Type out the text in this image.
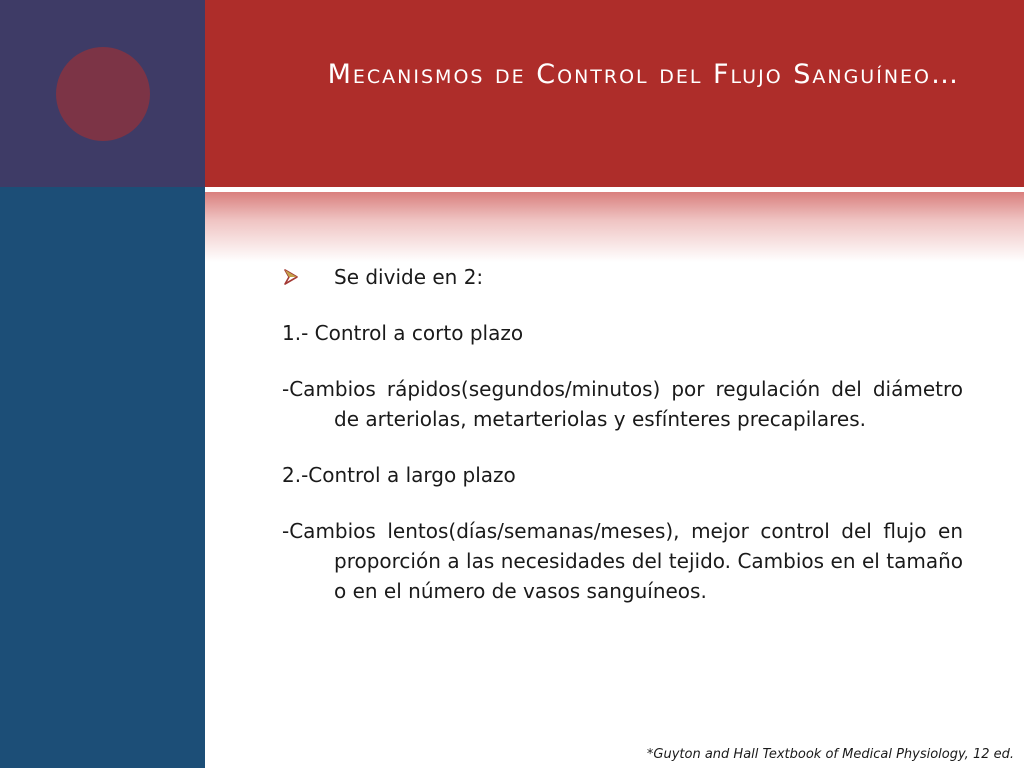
Mecanismos de Control del Flujo Sanguíneo…
Se divide en 2:

1.- Control a corto plazo

-Cambios rápidos(segundos/minutos) por regulación del diámetro de arteriolas, metarteriolas y esfínteres precapilares.

2.-Control a largo plazo

-Cambios lentos(días/semanas/meses), mejor control del flujo en proporción a las necesidades del tejido. Cambios en el tamaño o en el número de vasos sanguíneos.

*Guyton and Hall Textbook of Medical Physiology, 12 ed.
